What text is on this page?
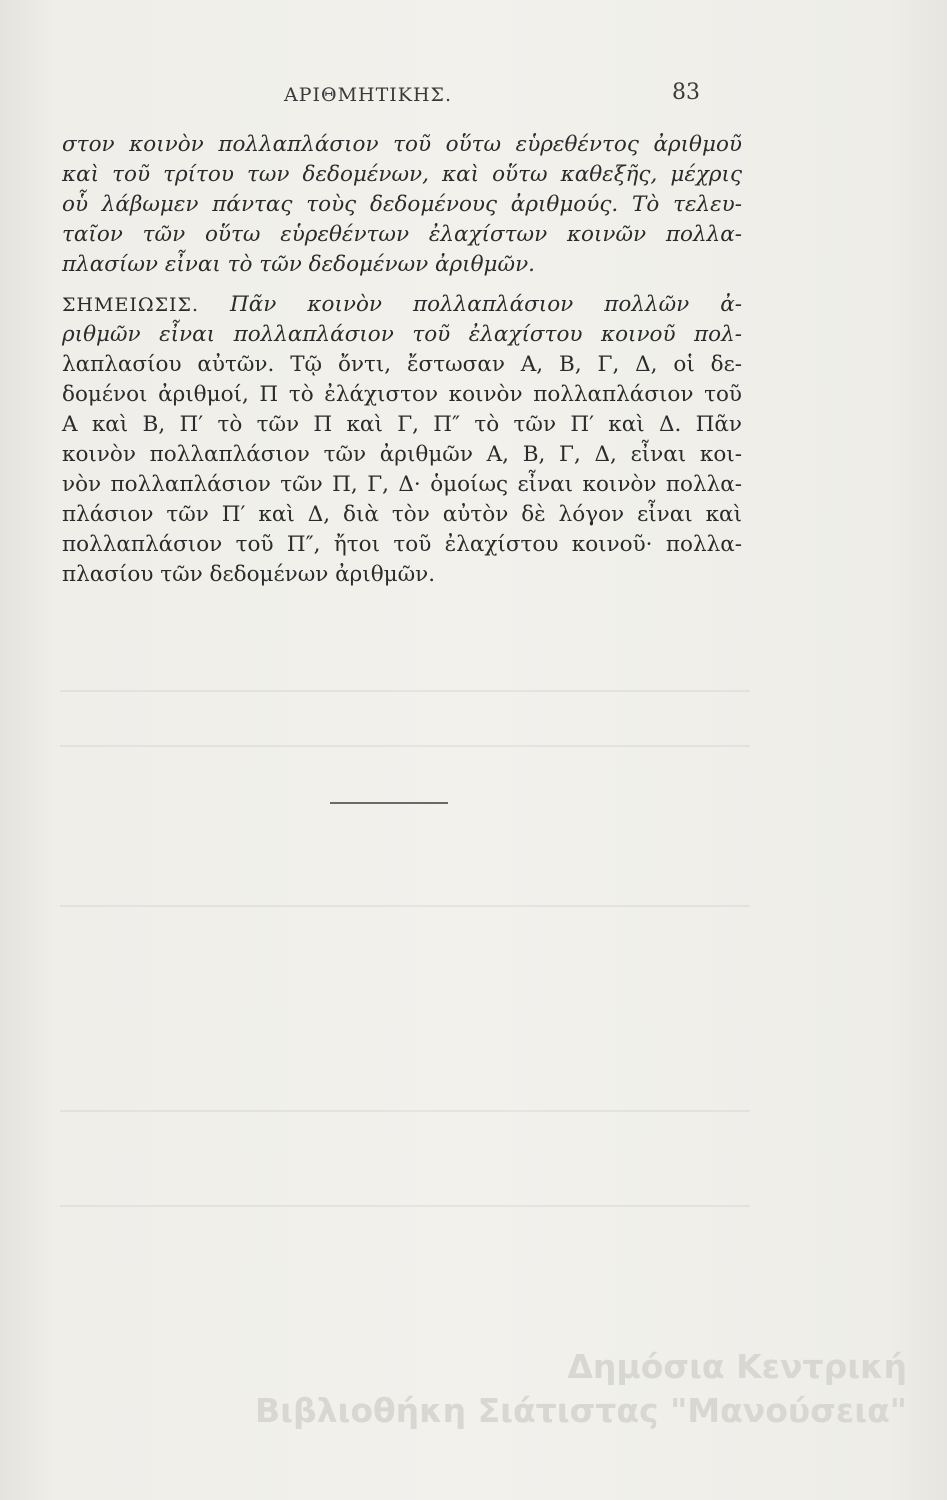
ΑΡΙΘΜΗΤΙΚΗΣ.	83
στον κοινὸν πολλαπλάσιον τοῦ οὕτω εὑρεθέντος ἀριθμοῦ
καὶ τοῦ τρίτου των δεδομένων, καὶ οὕτω καθεξῆς, μέχρις
οὗ λάβωμεν πάντας τοὺς δεδομένους ἀριθμούς. Τὸ τελευ-
ταῖον τῶν οὕτω εὑρεθέντων ἐλαχίστων κοινῶν πολλα-
πλασίων εἶναι τὸ τῶν δεδομένων ἀριθμῶν.
ΣΗΜΕΙΩΣΙΣ. Πᾶν κοινὸν πολλαπλάσιον πολλῶν ἀ-
ριθμῶν εἶναι πολλαπλάσιον τοῦ ἐλαχίστου κοινοῦ πολ-
λαπλασίου αὐτῶν. Τῷ ὄντι, ἔστωσαν Α, Β, Γ, Δ, οἱ δε-
δομένοι ἀριθμοί, Π τὸ ἐλάχιστον κοινὸν πολλαπλάσιον τοῦ
Α καὶ Β, Π′ τὸ τῶν Π καὶ Γ, Π″ τὸ τῶν Π′ καὶ Δ. Πᾶν
κοινὸν πολλαπλάσιον τῶν ἀριθμῶν Α, Β, Γ, Δ, εἶναι κοι-
νὸν πολλαπλάσιον τῶν Π, Γ, Δ· ὁμοίως εἶναι κοινὸν πολλα-
πλάσιον τῶν Π′ καὶ Δ, διὰ τὸν αὐτὸν δὲ λόγον εἶναι καὶ
πολλαπλάσιον τοῦ Π″, ἤτοι τοῦ ἐλαχίστου κοινοῦ· πολλα-
πλασίου τῶν δεδομένων ἀριθμῶν.
Δημόσια Κεντρική
Βιβλιοθήκη Σιάτιστας "Μανούσεια"
